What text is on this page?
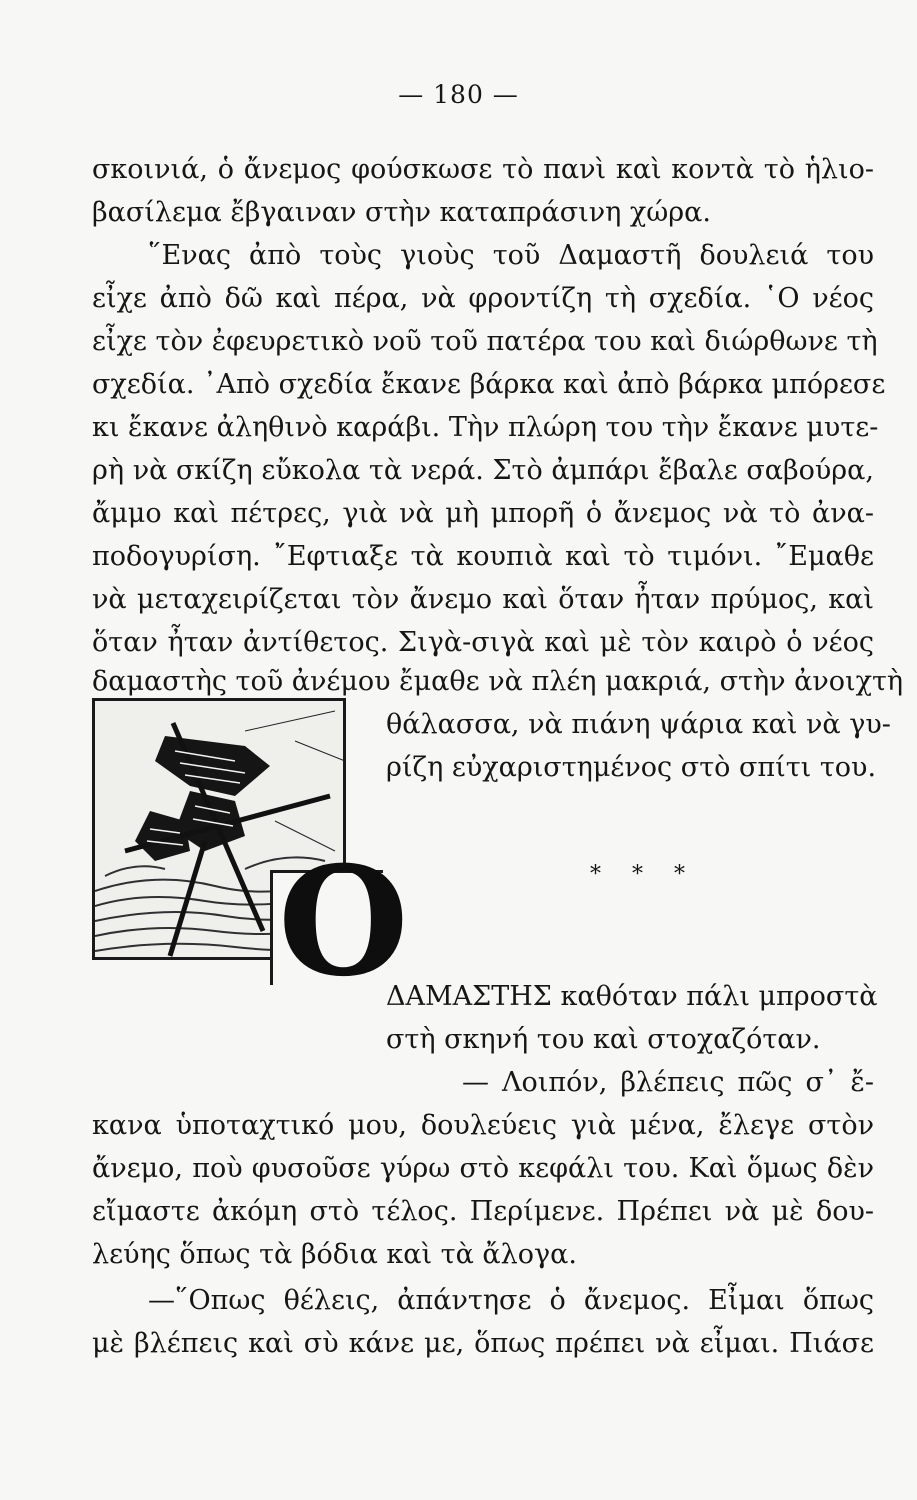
— 180 —
σκοινιά, ὁ ἄνεμος φούσκωσε τὸ πανὶ καὶ κοντὰ τὸ ἡλιο-
βασίλεμα ἔβγαιναν στὴν καταπράσινη χώρα.
῞Ενας ἀπὸ τοὺς γιοὺς τοῦ Δαμαστῆ δουλειά του
εἶχε ἀπὸ δῶ καὶ πέρα, νὰ φροντίζη τὴ σχεδία. ῾Ο νέος
εἶχε τὸν ἐφευρετικὸ νοῦ τοῦ πατέρα του καὶ διώρθωνε τὴ
σχεδία. ᾿Απὸ σχεδία ἔκανε βάρκα καὶ ἀπὸ βάρκα μπόρεσε
κι ἔκανε ἀληθινὸ καράβι. Τὴν πλώρη του τὴν ἔκανε μυτε-
ρὴ νὰ σκίζη εὔκολα τὰ νερά. Στὸ ἀμπάρι ἔβαλε σαβούρα,
ἄμμο καὶ πέτρες, γιὰ νὰ μὴ μπορῆ ὁ ἄνεμος νὰ τὸ ἀνα-
ποδογυρίση. ῎Εφτιαξε τὰ κουπιὰ καὶ τὸ τιμόνι. ῎Εμαθε
νὰ μεταχειρίζεται τὸν ἄνεμο καὶ ὅταν ἦταν πρύμος, καὶ
ὅταν ἦταν ἀντίθετος. Σιγὰ-σιγὰ καὶ μὲ τὸν καιρὸ ὁ νέος
δαμαστὴς τοῦ ἀνέμου ἔμαθε νὰ πλέη μακριά, στὴν ἀνοιχτὴ
θάλασσα, νὰ πιάνη ψάρια καὶ νὰ γυ-
ρίζη εὐχαριστημένος στὸ σπίτι του.
* * *
Ο
ΔΑΜΑΣΤΗΣ καθόταν πάλι μπροστὰ
στὴ σκηνή του καὶ στοχαζόταν.
— Λοιπόν, βλέπεις πῶς σ᾿ ἔ-
κανα ὑποταχτικό μου, δουλεύεις γιὰ μένα, ἔλεγε στὸν
ἄνεμο, ποὺ φυσοῦσε γύρω στὸ κεφάλι του. Καὶ ὅμως δὲν
εἴμαστε ἀκόμη στὸ τέλος. Περίμενε. Πρέπει νὰ μὲ δου-
λεύης ὅπως τὰ βόδια καὶ τὰ ἄλογα.
—῞Οπως θέλεις, ἀπάντησε ὁ ἄνεμος. Εἶμαι ὅπως
μὲ βλέπεις καὶ σὺ κάνε με, ὅπως πρέπει νὰ εἶμαι. Πιάσε
